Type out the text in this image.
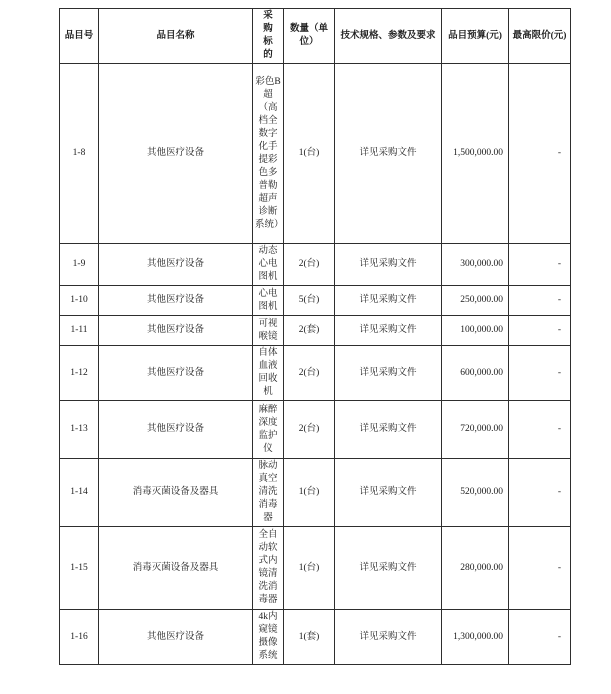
品目号	品目名称	采购标的	数量（单位）	技术规格、参数及要求	品目预算(元)	最高限价(元)
1-8	其他医疗设备	彩色B超（高档全数字化手提彩色多普勒超声诊断系统）	1(台)	详见采购文件	1,500,000.00	-
1-9	其他医疗设备	动态心电图机	2(台)	详见采购文件	300,000.00	-
1-10	其他医疗设备	心电图机	5(台)	详见采购文件	250,000.00	-
1-11	其他医疗设备	可视喉镜	2(套)	详见采购文件	100,000.00	-
1-12	其他医疗设备	自体血液回收机	2(台)	详见采购文件	600,000.00	-
1-13	其他医疗设备	麻醉深度监护仪	2(台)	详见采购文件	720,000.00	-
1-14	消毒灭菌设备及器具	脉动真空清洗消毒器	1(台)	详见采购文件	520,000.00	-
1-15	消毒灭菌设备及器具	全自动软式内镜清洗消毒器	1(台)	详见采购文件	280,000.00	-
1-16	其他医疗设备	4k内窥镜摄像系统	1(套)	详见采购文件	1,300,000.00	-
